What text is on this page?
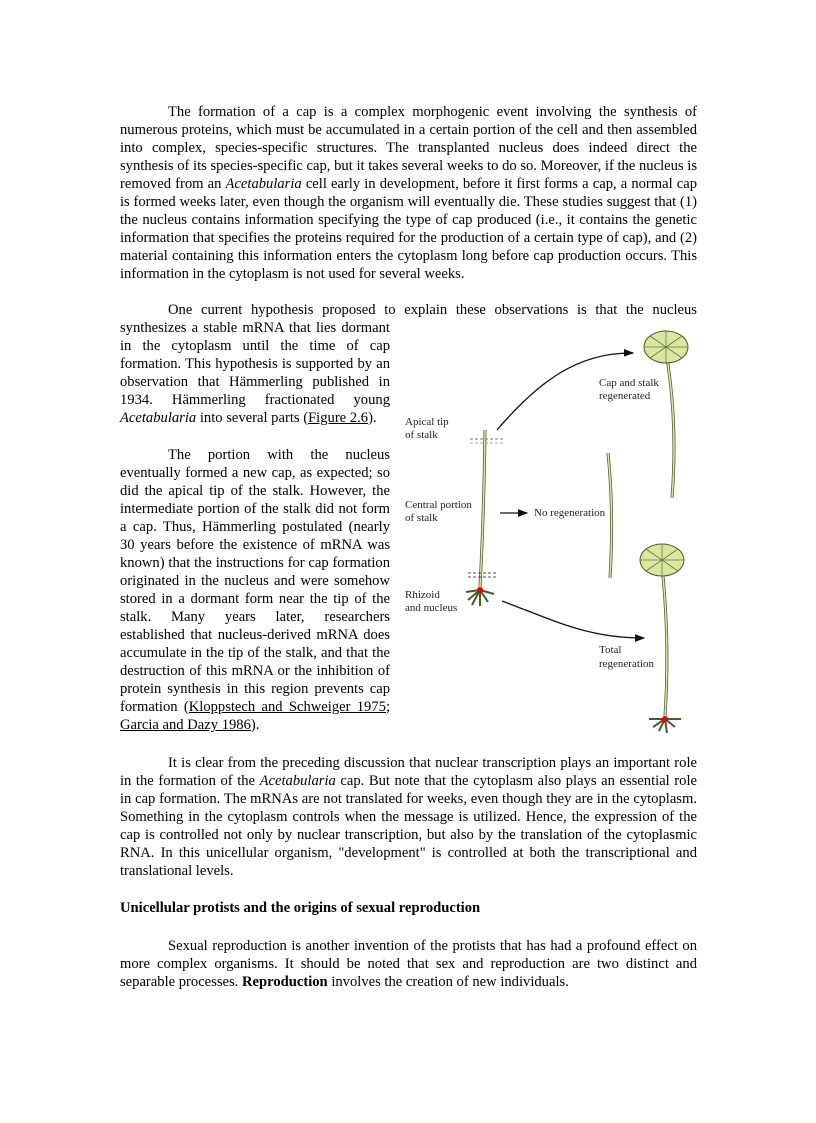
The formation of a cap is a complex morphogenic event involving the synthesis of numerous proteins, which must be accumulated in a certain portion of the cell and then assembled into complex, species-specific structures. The transplanted nucleus does indeed direct the synthesis of its species-specific cap, but it takes several weeks to do so. Moreover, if the nucleus is removed from an Acetabularia cell early in development, before it first forms a cap, a normal cap is formed weeks later, even though the organism will eventually die. These studies suggest that (1) the nucleus contains information specifying the type of cap produced (i.e., it contains the genetic information that specifies the proteins required for the production of a certain type of cap), and (2) material containing this information enters the cytoplasm long before cap production occurs. This information in the cytoplasm is not used for several weeks.

One current hypothesis proposed to explain these observations is that the nucleus

synthesizes a stable mRNA that lies dormant in the cytoplasm until the time of cap formation. This hypothesis is supported by an observation that Hämmerling published in 1934. Hämmerling fractionated young Acetabularia into several parts (Figure 2.6).

The portion with the nucleus eventually formed a new cap, as expected; so did the apical tip of the stalk. However, the intermediate portion of the stalk did not form a cap. Thus, Hämmerling postulated (nearly 30 years before the existence of mRNA was known) that the instructions for cap formation originated in the nucleus and were somehow stored in a dormant form near the tip of the stalk. Many years later, researchers established that nucleus-derived mRNA does accumulate in the tip of the stalk, and that the destruction of this mRNA or the inhibition of protein synthesis in this region prevents cap formation (Kloppstech and Schweiger 1975; Garcia and Dazy 1986).

Apical tip
of stalk
Central portion
of stalk
Rhizoid
and nucleus
Cap and stalk
regenerated
No regeneration
Total
regeneration

It is clear from the preceding discussion that nuclear transcription plays an important role in the formation of the Acetabularia cap. But note that the cytoplasm also plays an essential role in cap formation. The mRNAs are not translated for weeks, even though they are in the cytoplasm. Something in the cytoplasm controls when the message is utilized. Hence, the expression of the cap is controlled not only by nuclear transcription, but also by the translation of the cytoplasmic RNA. In this unicellular organism, "development" is controlled at both the transcriptional and translational levels.

Unicellular protists and the origins of sexual reproduction

Sexual reproduction is another invention of the protists that has had a profound effect on more complex organisms. It should be noted that sex and reproduction are two distinct and separable processes. Reproduction involves the creation of new individuals.
